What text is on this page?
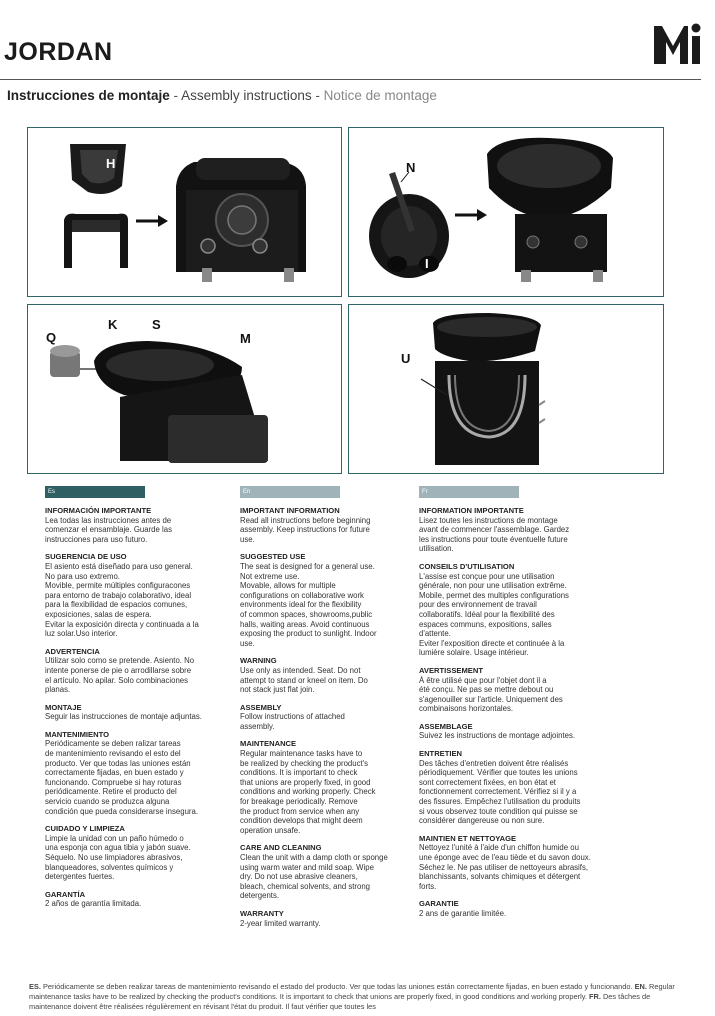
JORDAN
Instrucciones de montaje - Assembly instructions - Notice de montage
H	N
I
Q
K	S
M
U
Es
INFORMACIÓN IMPORTANTE

Lea todas las instrucciones antes de
comenzar el ensamblaje. Guarde las
instrucciones para uso futuro.

SUGERENCIA DE USO

El asiento está diseñado para uso general.
No para uso extremo.
Movible, permite múltiples configuracones
para entorno de trabajo colaborativo, ideal
para la flexibilidad de espacios comunes,
exposiciones, salas de espera.
Evitar la exposición directa y continuada a la
luz solar.Uso interior.

ADVERTENCIA

Utilizar solo como se pretende. Asiento. No
intente ponerse de pie o arrodillarse sobre
el artículo. No apilar. Solo combinaciones
planas.

MONTAJE

Seguir las instrucciones de montaje adjuntas.

MANTENIMIENTO

Periódicamente se deben ralizar tareas
de mantenimiento revisando el esto del
producto. Ver que todas las uniones están
correctamente fijadas, en buen estado y
funcionando. Compruebe si hay roturas
periódicamente. Retire el producto del
servicio cuando se produzca alguna
condición que pueda considerarse insegura.

CUIDADO Y LIMPIEZA

Limpie la unidad con un paño húmedo o
una esponja con agua tibia y jabón suave.
Séquelo. No use limpiadores abrasivos,
blanqueadores, solventes químicos y
detergentes fuertes.

GARANTÍA

2 años de garantía limitada.

En
IMPORTANT INFORMATION

Read all instructions before beginning
assembly. Keep instructions for future
use.

SUGGESTED USE

The seat is designed for a general use.
Not extreme use.
Movable, allows for multiple
configurations on collaborative work
environments ideal for the flexibility
of common spaces, showrooms,public
halls, waiting areas. Avoid continuous
exposing the product to sunlight. Indoor
use.

WARNING

Use only as intended. Seat. Do not
attempt to stand or kneel on item. Do
not stack just flat join.

ASSEMBLY

Follow instructions of attached
assembly.

MAINTENANCE

Regular maintenance tasks have to
be realized by checking the product's
conditions. It is important to check
that unions are properly fixed, in good
conditions and working properly. Check
for breakage periodically. Remove
the product from service when any
condition develops that might deem
operation unsafe.

CARE AND CLEANING

Clean the unit with a damp cloth or sponge
using warm water and mild soap. Wipe
dry. Do not use abrasive cleaners,
bleach, chemical solvents, and strong
detergents.

WARRANTY

2-year limited warranty.

Fr
INFORMATION IMPORTANTE

Lisez toutes les instructions de montage
avant de commencer l'assemblage. Gardez
les instructions pour toute éventuelle future
utilisation.

CONSEILS D'UTILISATION

L'assise est conçue pour une utilisation
générale, non pour une utilisation extrême.
Mobile, permet des multiples configurations
pour des environnement de travail
collaboratifs. Idéal pour la flexibilité des
espaces communs, expositions, salles
d'attente.
Eviter l'exposition directe et continuée à la
lumière solaire. Usage intérieur.

AVERTISSEMENT

À être utilisé que pour l'objet dont il a
été conçu. Ne pas se mettre debout ou
s'agenouiller sur l'article. Uniquement des
combinaisons horizontales.

ASSEMBLAGE

Suivez les instructions de montage adjointes.

ENTRETIEN

Des tâches d'entretien doivent être réalisés
périodiquement. Vérifier que toutes les unions
sont correctement fixées, en bon état et
fonctionnement correctement. Vérifiez si il y a
des fissures. Empêchez l'utilisation du produits
si vous observez toute condition qui puisse se
considérer dangereuse ou non sure.

MAINTIEN ET NETTOYAGE

Nettoyez l'unité à l'aide d'un chiffon humide ou
une éponge avec de l'eau tiède et du savon doux.
Séchez le. Ne pas utiliser de nettoyeurs abrasifs,
blanchissants, solvants chimiques et détergent
forts.

GARANTIE

2 ans de garantie limitée.

ES. Periódicamente se deben realizar tareas de mantenimiento revisando el estado del producto. Ver que todas las uniones están correctamente fijadas, en buen estado y funcionando. EN. Regular maintenance tasks have to be realized by checking the product's conditions. It is important to check that unions are properly fixed, in good conditions and working properly. FR. Des tâches de maintenance doivent être réalisées régulièrement en révisant l'état du produit. Il faut vérifier que toutes les
